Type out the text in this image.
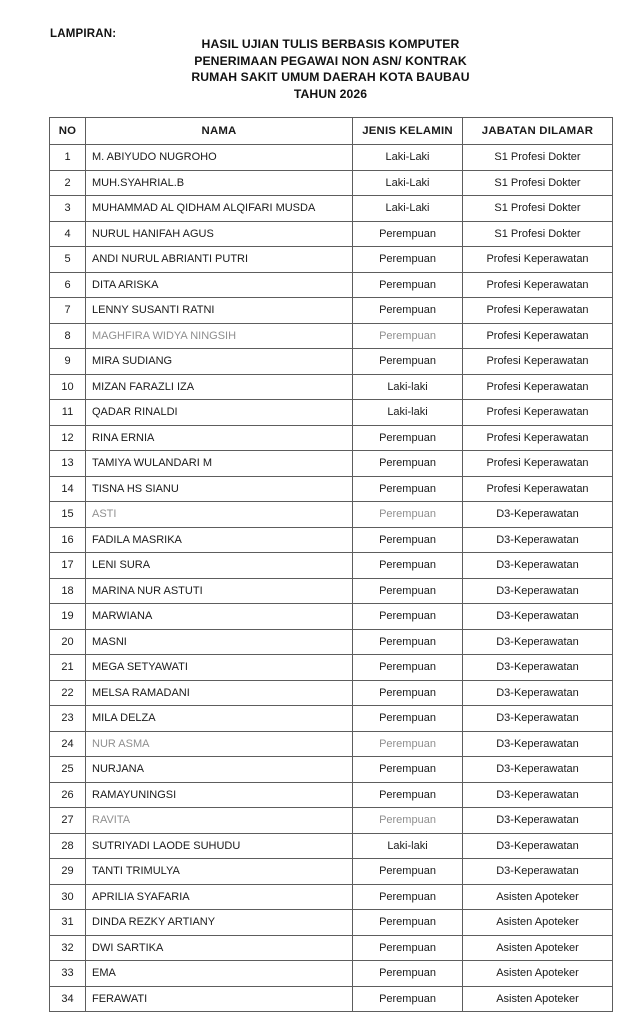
LAMPIRAN:
HASIL UJIAN TULIS BERBASIS KOMPUTER
PENERIMAAN PEGAWAI NON ASN/ KONTRAK
RUMAH SAKIT UMUM DAERAH KOTA BAUBAU
TAHUN 2026
NO	NAMA	JENIS KELAMIN	JABATAN DILAMAR
1	M. ABIYUDO NUGROHO	Laki-Laki	S1 Profesi Dokter
2	MUH.SYAHRIAL.B	Laki-Laki	S1 Profesi Dokter
3	MUHAMMAD AL QIDHAM ALQIFARI MUSDA	Laki-Laki	S1 Profesi Dokter
4	NURUL HANIFAH AGUS	Perempuan	S1 Profesi Dokter
5	ANDI NURUL ABRIANTI PUTRI	Perempuan	Profesi Keperawatan
6	DITA ARISKA	Perempuan	Profesi Keperawatan
7	LENNY SUSANTI RATNI	Perempuan	Profesi Keperawatan
8	MAGHFIRA WIDYA NINGSIH	Perempuan	Profesi Keperawatan
9	MIRA SUDIANG	Perempuan	Profesi Keperawatan
10	MIZAN FARAZLI IZA	Laki-laki	Profesi Keperawatan
11	QADAR RINALDI	Laki-laki	Profesi Keperawatan
12	RINA ERNIA	Perempuan	Profesi Keperawatan
13	TAMIYA WULANDARI M	Perempuan	Profesi Keperawatan
14	TISNA HS SIANU	Perempuan	Profesi Keperawatan
15	ASTI	Perempuan	D3-Keperawatan
16	FADILA MASRIKA	Perempuan	D3-Keperawatan
17	LENI SURA	Perempuan	D3-Keperawatan
18	MARINA NUR ASTUTI	Perempuan	D3-Keperawatan
19	MARWIANA	Perempuan	D3-Keperawatan
20	MASNI	Perempuan	D3-Keperawatan
21	MEGA SETYAWATI	Perempuan	D3-Keperawatan
22	MELSA RAMADANI	Perempuan	D3-Keperawatan
23	MILA DELZA	Perempuan	D3-Keperawatan
24	NUR ASMA	Perempuan	D3-Keperawatan
25	NURJANA	Perempuan	D3-Keperawatan
26	RAMAYUNINGSI	Perempuan	D3-Keperawatan
27	RAVITA	Perempuan	D3-Keperawatan
28	SUTRIYADI LAODE SUHUDU	Laki-laki	D3-Keperawatan
29	TANTI TRIMULYA	Perempuan	D3-Keperawatan
30	APRILIA SYAFARIA	Perempuan	Asisten Apoteker
31	DINDA REZKY ARTIANY	Perempuan	Asisten Apoteker
32	DWI SARTIKA	Perempuan	Asisten Apoteker
33	EMA	Perempuan	Asisten Apoteker
34	FERAWATI	Perempuan	Asisten Apoteker
